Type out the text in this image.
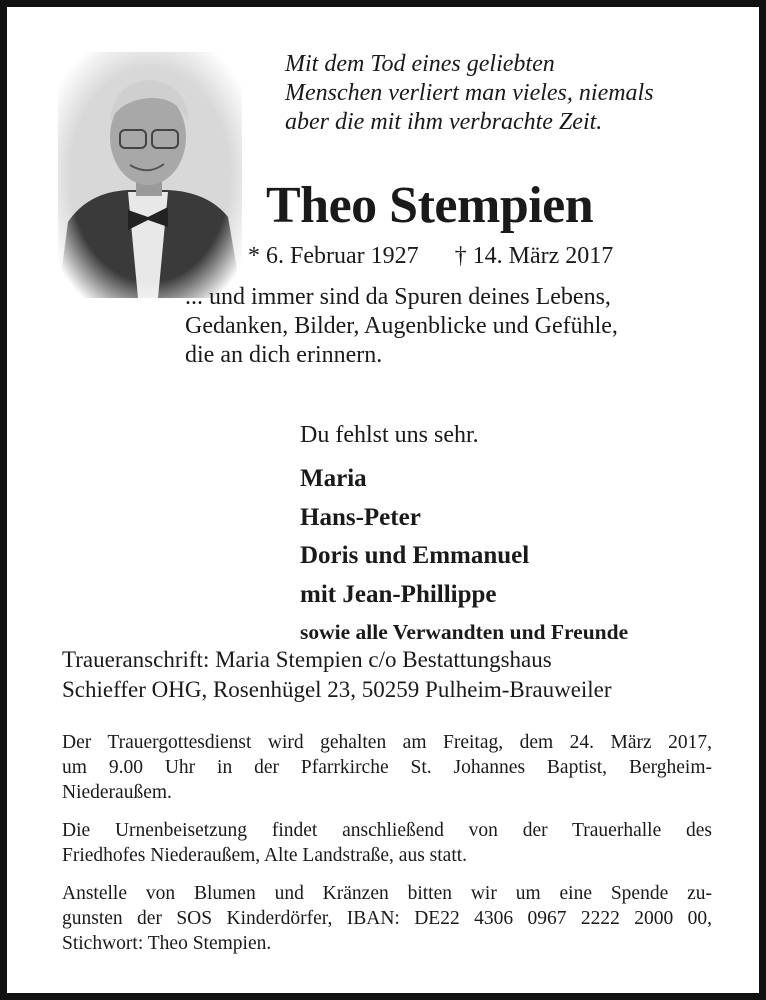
Mit dem Tod eines geliebten
Menschen verliert man vieles, niemals
aber die mit ihm verbrachte Zeit.
Theo Stempien
* 6. Februar 1927 † 14. März 2017
... und immer sind da Spuren deines Lebens,
Gedanken, Bilder, Augenblicke und Gefühle,
die an dich erinnern.
Du fehlst uns sehr.
Maria
Hans-Peter
Doris und Emmanuel
mit Jean-Phillippe
sowie alle Verwandten und Freunde
Traueranschrift: Maria Stempien c/o Bestattungshaus
Schieffer OHG, Rosenhügel 23, 50259 Pulheim-Brauweiler
Der Trauergottesdienst wird gehalten am Freitag, dem 24. März 2017,
um 9.00 Uhr in der Pfarrkirche St. Johannes Baptist, Bergheim-
Niederaußem.
Die Urnenbeisetzung findet anschließend von der Trauerhalle des
Friedhofes Niederaußem, Alte Landstraße, aus statt.
Anstelle von Blumen und Kränzen bitten wir um eine Spende zu-
gunsten der SOS Kinderdörfer, IBAN: DE22 4306 0967 2222 2000 00,
Stichwort: Theo Stempien.
